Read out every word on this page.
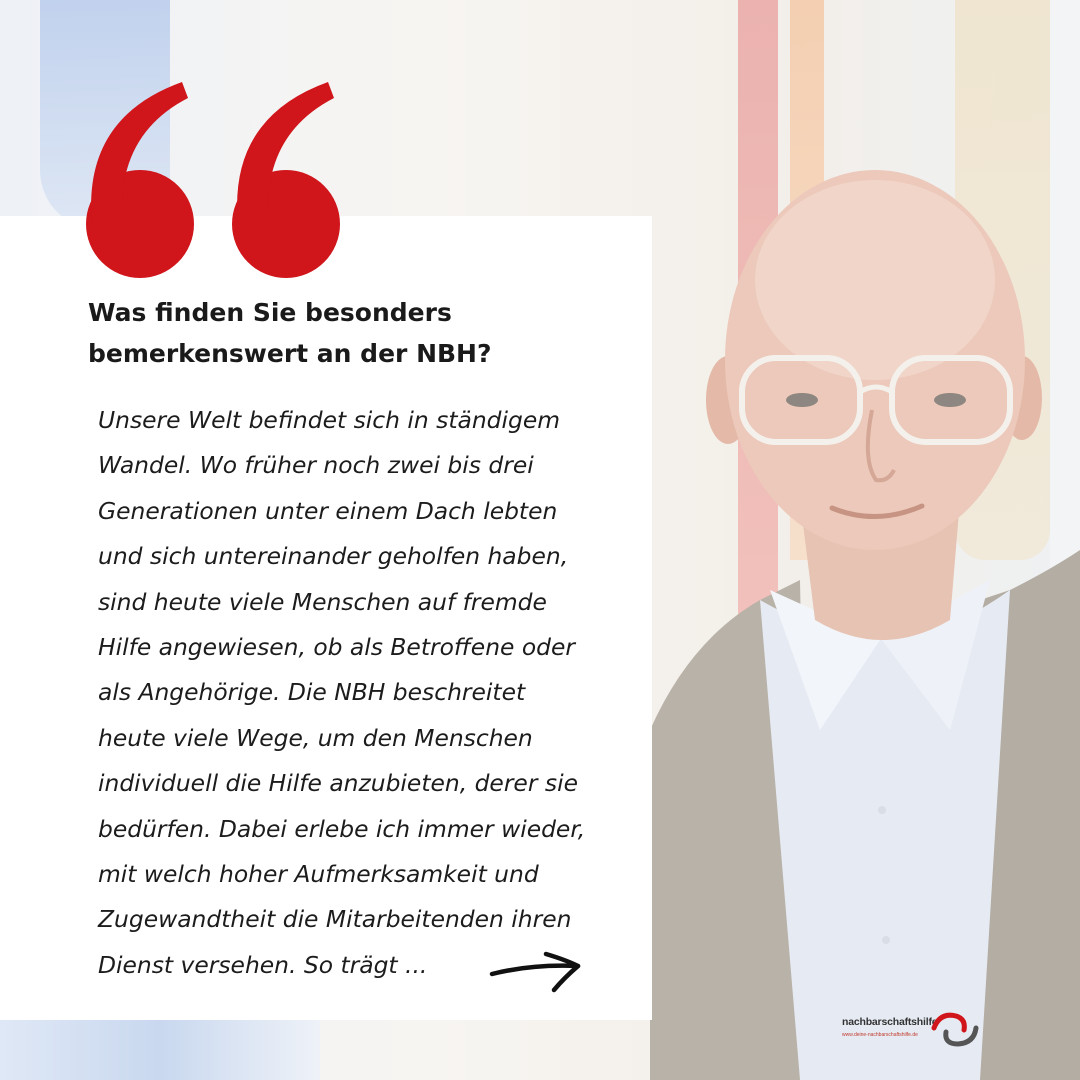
Was finden Sie besonders bemerkenswert an der NBH?

Unsere Welt befindet sich in ständigem
Wandel. Wo früher noch zwei bis drei
Generationen unter einem Dach lebten
und sich untereinander geholfen haben,
sind heute viele Menschen auf fremde
Hilfe angewiesen, ob als Betroffene oder
als Angehörige. Die NBH beschreitet
heute viele Wege, um den Menschen
individuell die Hilfe anzubieten, derer sie
bedürfen. Dabei erlebe ich immer wieder,
mit welch hoher Aufmerksamkeit und
Zugewandtheit die Mitarbeitenden ihren
Dienst versehen. So trägt ...

nachbarschaftshilfe
www.deine-nachbarschaftshilfe.de
